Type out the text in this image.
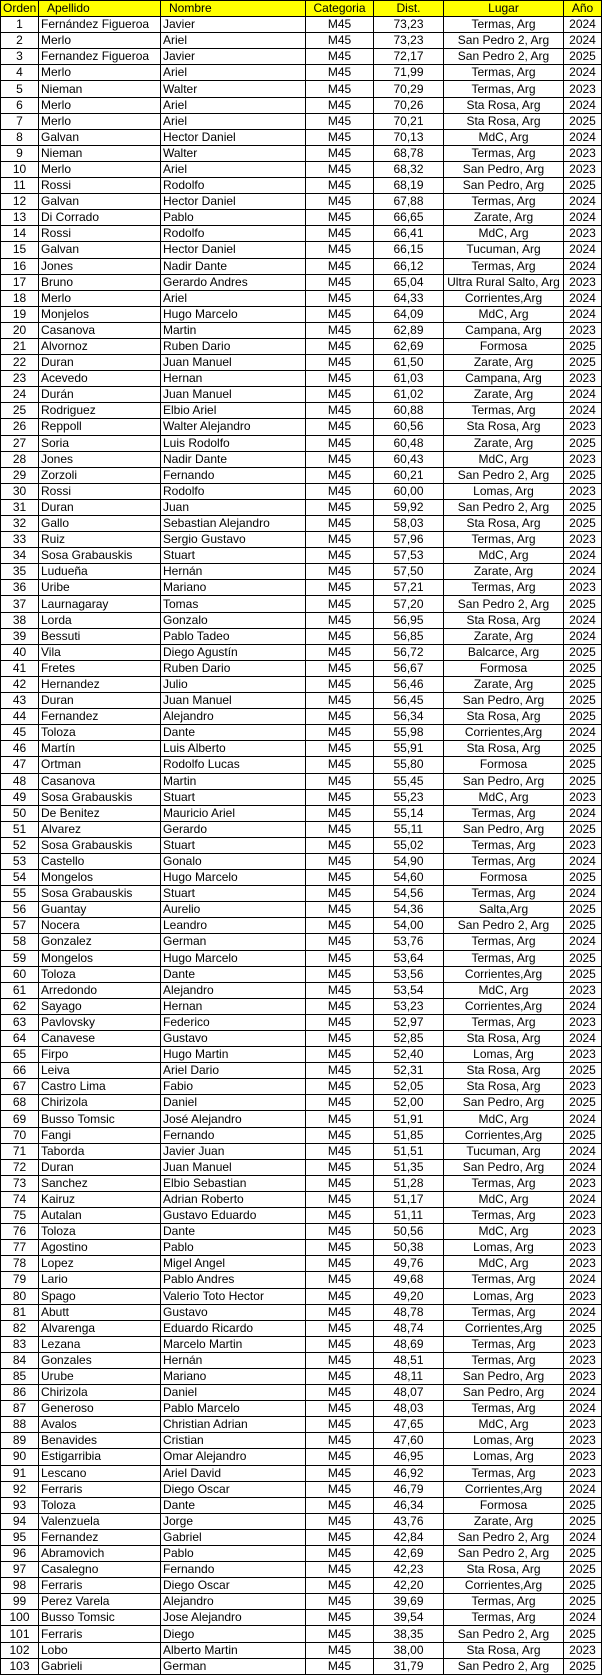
Orden	Apellido	Nombre	Categoria	Dist.	Lugar	Año
1	Fernández Figueroa	Javier	M45	73,23	Termas, Arg	2024
2	Merlo	Ariel	M45	73,23	San Pedro 2, Arg	2024
3	Fernandez Figueroa	Javier	M45	72,17	San Pedro 2, Arg	2025
4	Merlo	Ariel	M45	71,99	Termas, Arg	2024
5	Nieman	Walter	M45	70,29	Termas, Arg	2023
6	Merlo	Ariel	M45	70,26	Sta Rosa, Arg	2024
7	Merlo	Ariel	M45	70,21	Sta Rosa, Arg	2025
8	Galvan	Hector Daniel	M45	70,13	MdC, Arg	2024
9	Nieman	Walter	M45	68,78	Termas, Arg	2023
10	Merlo	Ariel	M45	68,32	San Pedro, Arg	2023
11	Rossi	Rodolfo	M45	68,19	San Pedro, Arg	2025
12	Galvan	Hector Daniel	M45	67,88	Termas, Arg	2024
13	Di Corrado	Pablo	M45	66,65	Zarate, Arg	2024
14	Rossi	Rodolfo	M45	66,41	MdC, Arg	2023
15	Galvan	Hector Daniel	M45	66,15	Tucuman, Arg	2024
16	Jones	Nadir Dante	M45	66,12	Termas, Arg	2024
17	Bruno	Gerardo Andres	M45	65,04	Ultra Rural Salto, Arg	2023
18	Merlo	Ariel	M45	64,33	Corrientes,Arg	2024
19	Monjelos	Hugo Marcelo	M45	64,09	MdC, Arg	2024
20	Casanova	Martin	M45	62,89	Campana, Arg	2023
21	Alvornoz	Ruben Dario	M45	62,69	Formosa	2025
22	Duran	Juan Manuel	M45	61,50	Zarate, Arg	2025
23	Acevedo	Hernan	M45	61,03	Campana, Arg	2023
24	Durán	Juan Manuel	M45	61,02	Zarate, Arg	2024
25	Rodriguez	Elbio Ariel	M45	60,88	Termas, Arg	2024
26	Reppoll	Walter Alejandro	M45	60,56	Sta Rosa, Arg	2023
27	Soria	Luis Rodolfo	M45	60,48	Zarate, Arg	2025
28	Jones	Nadir Dante	M45	60,43	MdC, Arg	2023
29	Zorzoli	Fernando	M45	60,21	San Pedro 2, Arg	2025
30	Rossi	Rodolfo	M45	60,00	Lomas, Arg	2023
31	Duran	Juan	M45	59,92	San Pedro 2, Arg	2025
32	Gallo	Sebastian Alejandro	M45	58,03	Sta Rosa, Arg	2025
33	Ruiz	Sergio Gustavo	M45	57,96	Termas, Arg	2023
34	Sosa Grabauskis	Stuart	M45	57,53	MdC, Arg	2024
35	Ludueña	Hernán	M45	57,50	Zarate, Arg	2024
36	Uribe	Mariano	M45	57,21	Termas, Arg	2023
37	Laurnagaray	Tomas	M45	57,20	San Pedro 2, Arg	2025
38	Lorda	Gonzalo	M45	56,95	Sta Rosa, Arg	2024
39	Bessuti	Pablo Tadeo	M45	56,85	Zarate, Arg	2024
40	Vila	Diego Agustín	M45	56,72	Balcarce, Arg	2025
41	Fretes	Ruben Dario	M45	56,67	Formosa	2025
42	Hernandez	Julio	M45	56,46	Zarate, Arg	2025
43	Duran	Juan Manuel	M45	56,45	San Pedro, Arg	2025
44	Fernandez	Alejandro	M45	56,34	Sta Rosa, Arg	2025
45	Toloza	Dante	M45	55,98	Corrientes,Arg	2024
46	Martín	Luis Alberto	M45	55,91	Sta Rosa, Arg	2025
47	Ortman	Rodolfo Lucas	M45	55,80	Formosa	2025
48	Casanova	Martin	M45	55,45	San Pedro, Arg	2025
49	Sosa Grabauskis	Stuart	M45	55,23	MdC, Arg	2023
50	De Benitez	Mauricio Ariel	M45	55,14	Termas, Arg	2024
51	Alvarez	Gerardo	M45	55,11	San Pedro, Arg	2025
52	Sosa Grabauskis	Stuart	M45	55,02	Termas, Arg	2023
53	Castello	Gonalo	M45	54,90	Termas, Arg	2024
54	Mongelos	Hugo Marcelo	M45	54,60	Formosa	2025
55	Sosa Grabauskis	Stuart	M45	54,56	Termas, Arg	2024
56	Guantay	Aurelio	M45	54,36	Salta,Arg	2025
57	Nocera	Leandro	M45	54,00	San Pedro 2, Arg	2025
58	Gonzalez	German	M45	53,76	Termas, Arg	2024
59	Mongelos	Hugo Marcelo	M45	53,64	Termas, Arg	2025
60	Toloza	Dante	M45	53,56	Corrientes,Arg	2025
61	Arredondo	Alejandro	M45	53,54	MdC, Arg	2023
62	Sayago	Hernan	M45	53,23	Corrientes,Arg	2024
63	Pavlovsky	Federico	M45	52,97	Termas, Arg	2023
64	Canavese	Gustavo	M45	52,85	Sta Rosa, Arg	2024
65	Firpo	Hugo Martin	M45	52,40	Lomas, Arg	2023
66	Leiva	Ariel Dario	M45	52,31	Sta Rosa, Arg	2025
67	Castro Lima	Fabio	M45	52,05	Sta Rosa, Arg	2023
68	Chirizola	Daniel	M45	52,00	San Pedro, Arg	2025
69	Busso Tomsic	José Alejandro	M45	51,91	MdC, Arg	2024
70	Fangi	Fernando	M45	51,85	Corrientes,Arg	2025
71	Taborda	Javier Juan	M45	51,51	Tucuman, Arg	2024
72	Duran	Juan Manuel	M45	51,35	San Pedro, Arg	2024
73	Sanchez	Elbio Sebastian	M45	51,28	Termas, Arg	2023
74	Kairuz	Adrian Roberto	M45	51,17	MdC, Arg	2024
75	Autalan	Gustavo Eduardo	M45	51,11	Termas, Arg	2023
76	Toloza	Dante	M45	50,56	MdC, Arg	2023
77	Agostino	Pablo	M45	50,38	Lomas, Arg	2023
78	Lopez	Migel Angel	M45	49,76	MdC, Arg	2023
79	Lario	Pablo Andres	M45	49,68	Termas, Arg	2024
80	Spago	Valerio Toto Hector	M45	49,20	Lomas, Arg	2023
81	Abutt	Gustavo	M45	48,78	Termas, Arg	2024
82	Alvarenga	Eduardo Ricardo	M45	48,74	Corrientes,Arg	2025
83	Lezana	Marcelo Martin	M45	48,69	Termas, Arg	2023
84	Gonzales	Hernán	M45	48,51	Termas, Arg	2023
85	Urube	Mariano	M45	48,11	San Pedro, Arg	2023
86	Chirizola	Daniel	M45	48,07	San Pedro, Arg	2024
87	Generoso	Pablo Marcelo	M45	48,03	Termas, Arg	2024
88	Avalos	Christian Adrian	M45	47,65	MdC, Arg	2023
89	Benavides	Cristian	M45	47,60	Lomas, Arg	2023
90	Estigarribia	Omar Alejandro	M45	46,95	Lomas, Arg	2023
91	Lescano	Ariel David	M45	46,92	Termas, Arg	2023
92	Ferraris	Diego Oscar	M45	46,79	Corrientes,Arg	2024
93	Toloza	Dante	M45	46,34	Formosa	2025
94	Valenzuela	Jorge	M45	43,76	Zarate, Arg	2025
95	Fernandez	Gabriel	M45	42,84	San Pedro 2, Arg	2024
96	Abramovich	Pablo	M45	42,69	San Pedro 2, Arg	2025
97	Casalegno	Fernando	M45	42,23	Sta Rosa, Arg	2025
98	Ferraris	Diego Oscar	M45	42,20	Corrientes,Arg	2025
99	Perez Varela	Alejandro	M45	39,69	Termas, Arg	2025
100	Busso Tomsic	Jose Alejandro	M45	39,54	Termas, Arg	2024
101	Ferraris	Diego	M45	38,35	San Pedro 2, Arg	2025
102	Lobo	Alberto Martin	M45	38,00	Sta Rosa, Arg	2023
103	Gabrieli	German	M45	31,79	San Pedro 2, Arg	2025
